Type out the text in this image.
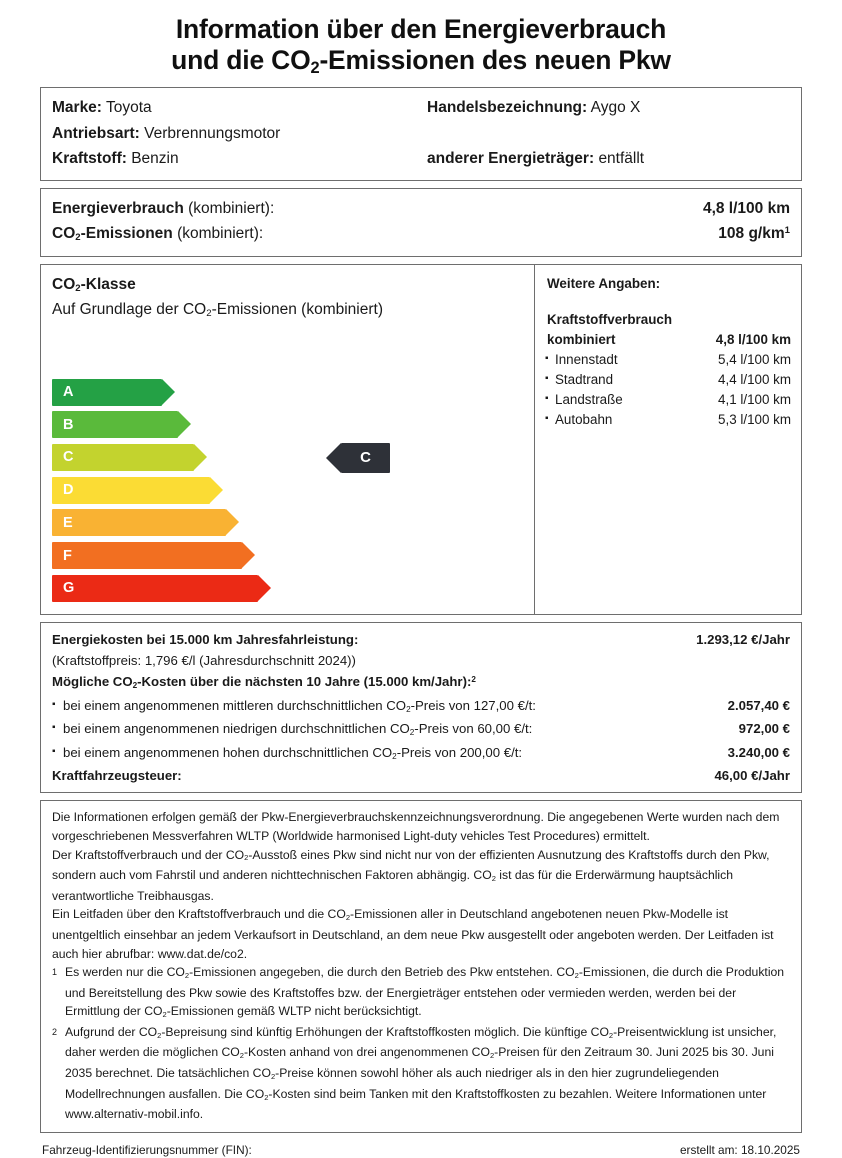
Information über den Energieverbrauch
und die $CO_2$-Emissionen des neuen Pkw
Marke: Toyota	Handelsbezeichnung: Aygo X
Antriebsart: Verbrennungsmotor
Kraftstoff: Benzin	anderer Energieträger: entfällt
Energieverbrauch (kombiniert):	4,8 l/100 km
$CO_2$-Emissionen (kombiniert):	108 $g/km^1$
$CO_2$-Klasse
Auf Grundlage der $CO_2$-Emissionen (kombiniert)
A
B
C
D
E
F
G
C
Weitere Angaben:
Kraftstoffverbrauch
kombiniert	4,8 l/100 km
▪ Innenstadt	5,4 l/100 km
▪ Stadtrand	4,4 l/100 km
▪ Landstraße	4,1 l/100 km
▪ Autobahn	5,3 l/100 km
Energiekosten bei 15.000 km Jahresfahrleistung:	1.293,12 €/Jahr
(Kraftstoffpreis: 1,796 €/l (Jahresdurchschnitt 2024))
Mögliche $CO_2$-Kosten über die nächsten 10 Jahre (15.000 km/Jahr):$^2$
▪ bei einem angenommenen mittleren durchschnittlichen $CO_2$-Preis von 127,00 €/t:	2.057,40 €
▪ bei einem angenommenen niedrigen durchschnittlichen $CO_2$-Preis von 60,00 €/t:	972,00 €
▪ bei einem angenommenen hohen durchschnittlichen $CO_2$-Preis von 200,00 €/t:	3.240,00 €
Kraftfahrzeugsteuer:	46,00 €/Jahr

Die Informationen erfolgen gemäß der Pkw-Energieverbrauchskennzeichnungsverordnung. Die angegebenen Werte wurden nach dem vorgeschriebenen Messverfahren WLTP (Worldwide harmonised Light-duty vehicles Test Procedures) ermittelt.

Der Kraftstoffverbrauch und der $CO_2$-Ausstoß eines Pkw sind nicht nur von der effizienten Ausnutzung des Kraftstoffs durch den Pkw, sondern auch vom Fahrstil und anderen nichttechnischen Faktoren abhängig. $CO_2$ ist das für die Erderwärmung hauptsächlich verantwortliche Treibhausgas.

Ein Leitfaden über den Kraftstoffverbrauch und die $CO_2$-Emissionen aller in Deutschland angebotenen neuen Pkw-Modelle ist unentgeltlich einsehbar an jedem Verkaufsort in Deutschland, an dem neue Pkw ausgestellt oder angeboten werden. Der Leitfaden ist auch hier abrufbar: www.dat.de/co2.

1 Es werden nur die $CO_2$-Emissionen angegeben, die durch den Betrieb des Pkw entstehen. $CO_2$-Emissionen, die durch die Produktion und Bereitstellung des Pkw sowie des Kraftstoffes bzw. der Energieträger entstehen oder vermieden werden, werden bei der Ermittlung der $CO_2$-Emissionen gemäß WLTP nicht berücksichtigt.

2 Aufgrund der $CO_2$-Bepreisung sind künftig Erhöhungen der Kraftstoffkosten möglich. Die künftige $CO_2$-Preisentwicklung ist unsicher, daher werden die möglichen $CO_2$-Kosten anhand von drei angenommenen $CO_2$-Preisen für den Zeitraum 30. Juni 2025 bis 30. Juni 2035 berechnet. Die tatsächlichen $CO_2$-Preise können sowohl höher als auch niedriger als in den hier zugrundeliegenden Modellrechnungen ausfallen. Die $CO_2$-Kosten sind beim Tanken mit den Kraftstoffkosten zu bezahlen. Weitere Informationen unter www.alternativ-mobil.info.

Fahrzeug-Identifizierungsnummer (FIN):	erstellt am: 18.10.2025
